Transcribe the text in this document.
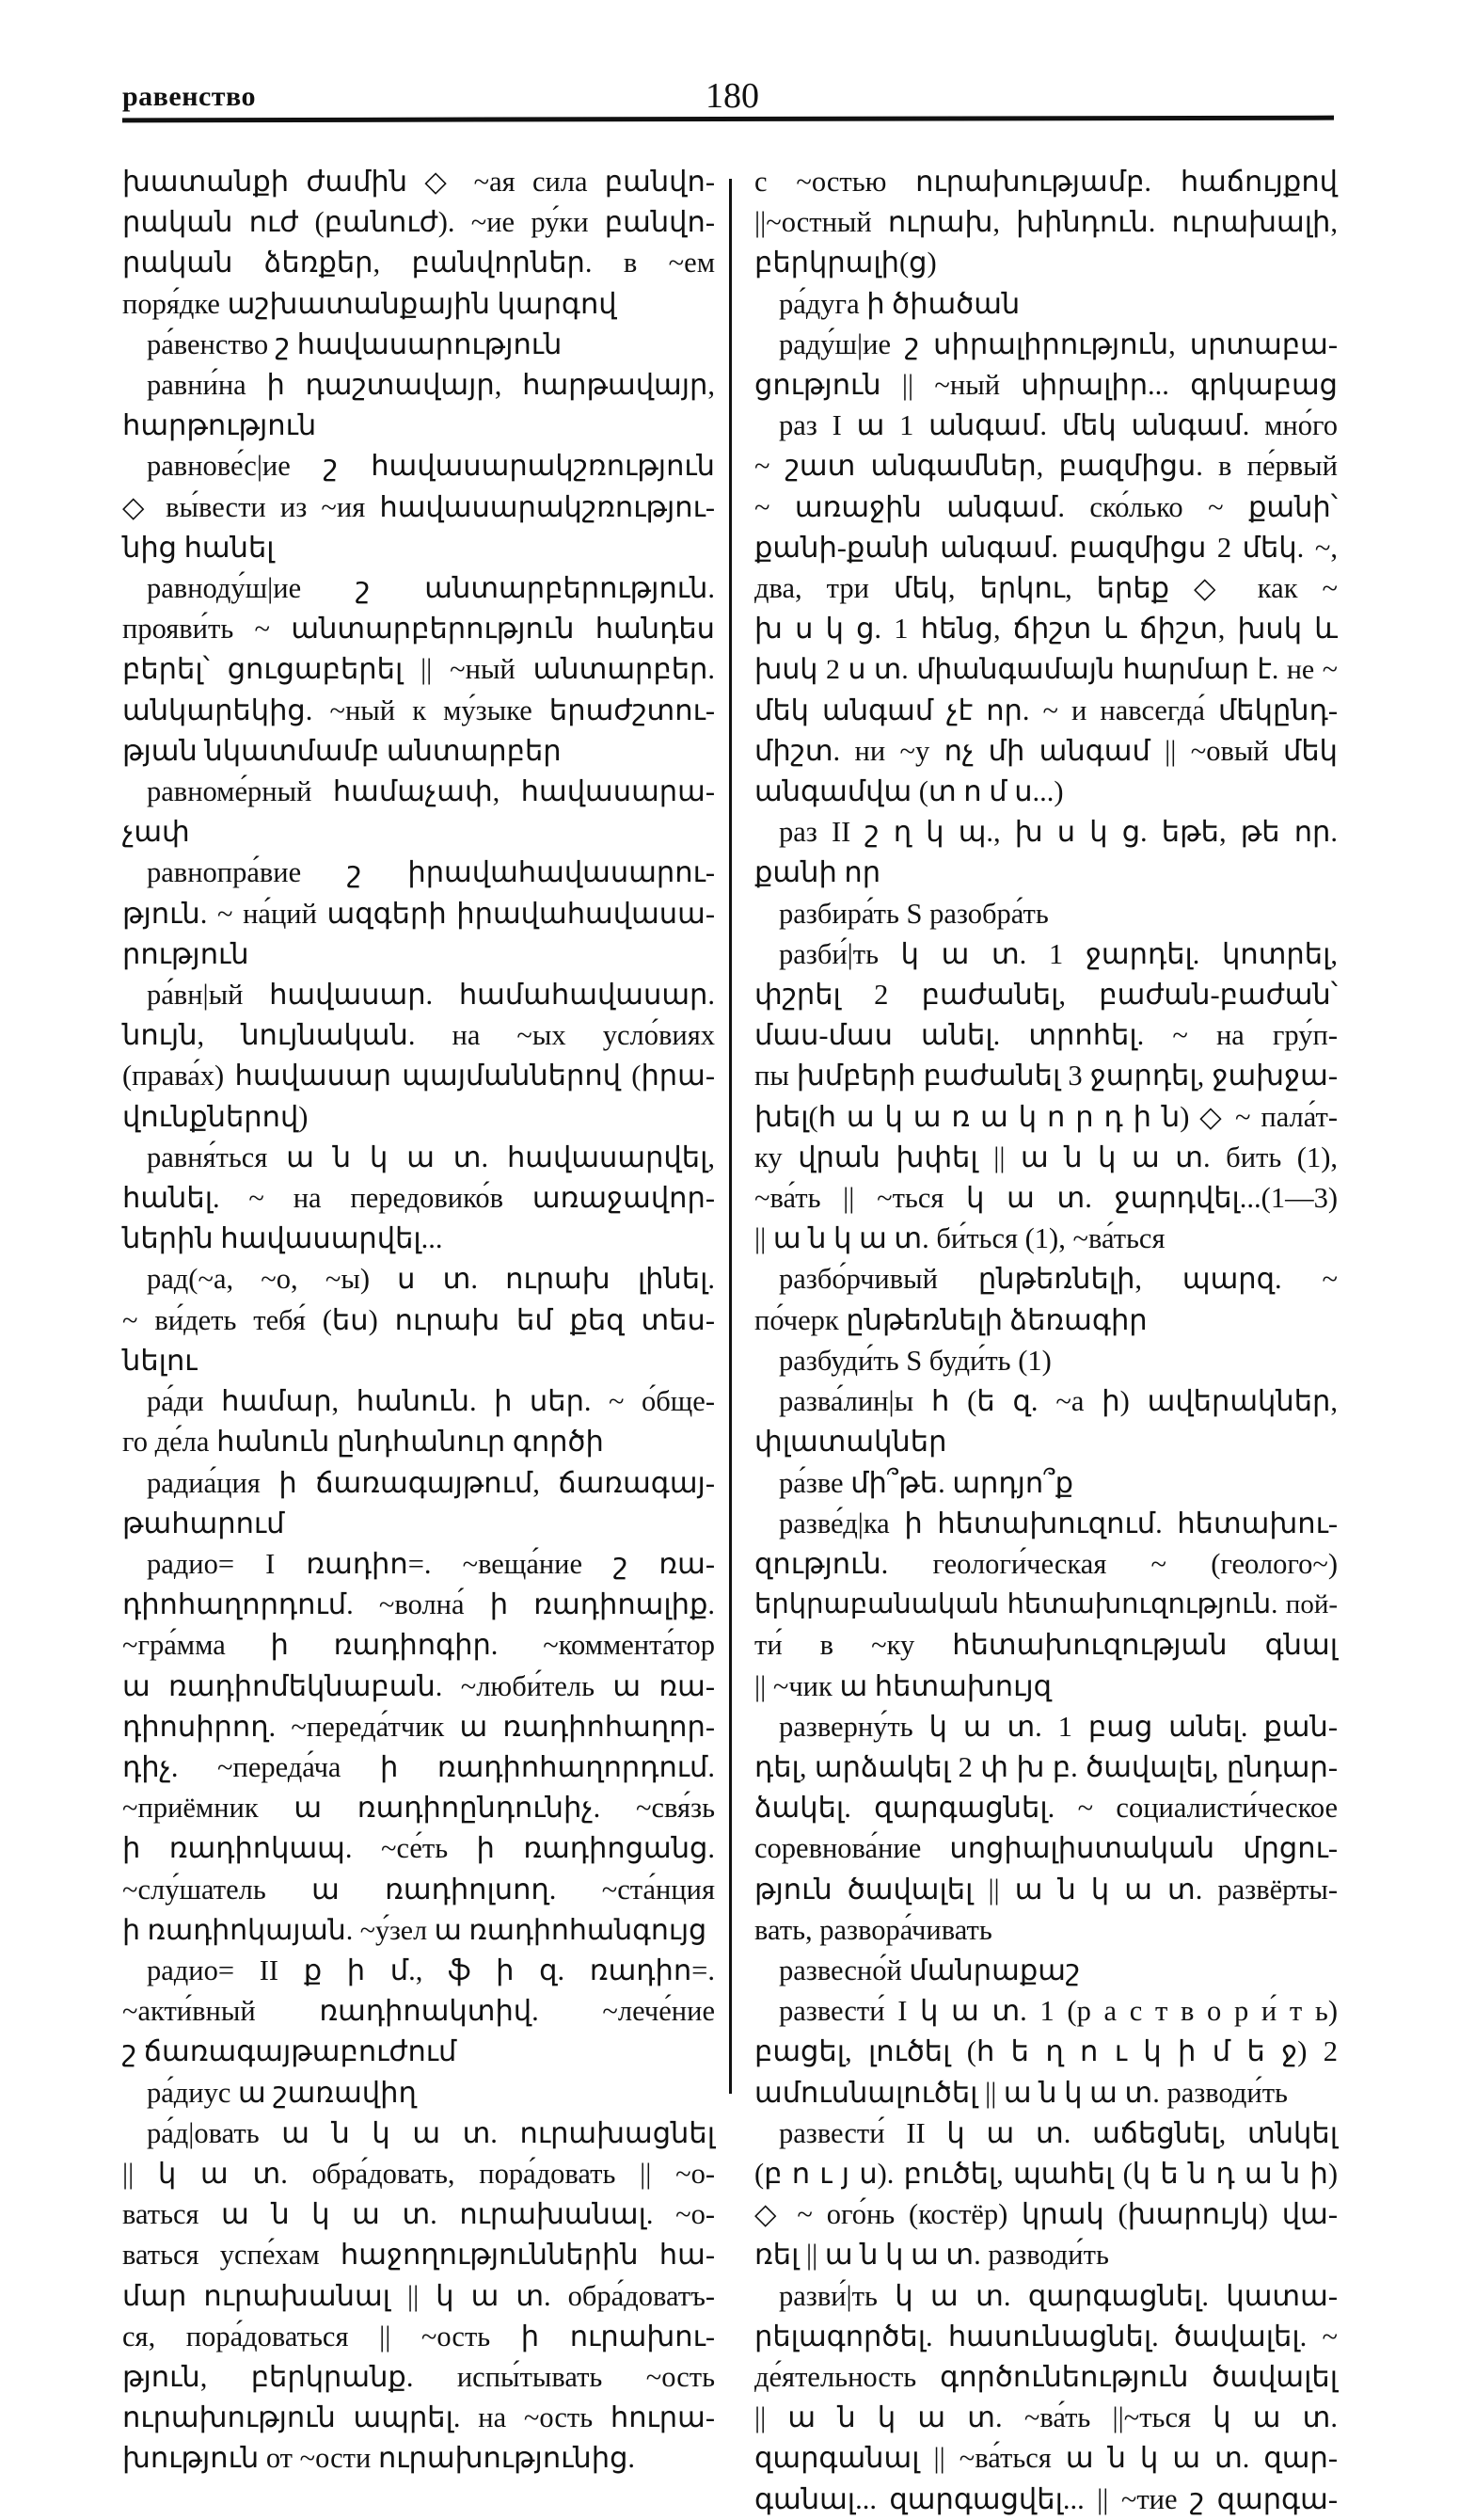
равенство	180
խատանքի ժամին ◇ ~ая сила բանվո-
րական ուժ (բանուժ). ~ие ру́ки բանվո-
րական ձեռքեր, բանվորներ. в ~ем
поря́дке աշխատանքային կարգով
ра́венство շ հավասարություն
равни́на ի դաշտավայր, հարթավայր,
հարթություն
равнове́с|ие շ հավասարակշռություն
◇ вы́вести из ~ия հավասարակշռությու-
նից հանել
равноду́ш|ие շ անտարբերություն.
прояви́ть ~ անտարբերություն հանդես
բերել՝ ցուցաբերել || ~ный անտարբեր.
անկարեկից. ~ный к му́зыке երաժշտու-
թյան նկատմամբ անտարբեր
равноме́рный համաչափ, հավասարա-
չափ
равнопра́вие շ իրավահավասարու-
թյուն. ~ на́ций ազգերի իրավահավասա-
րություն
ра́вн|ый հավասար. համահավասար.
նույն, նույնական. на ~ых усло́виях
(права́х) հավասար պայմաններով (իրա-
վունքներով)
равня́ться ա ն կ ա տ. հավասարվել,
հանել. ~ на передовико́в առաջավոր-
ներին հավասարվել...
рад(~а, ~о, ~ы) ս տ. ուրախ լինել.
~ ви́деть тебя́ (ես) ուրախ եմ քեզ տես-
նելու
ра́ди համար, հանուն. ի սեր. ~ о́бще-
го де́ла հանուն ընդհանուր գործի
радиа́ция ի ճառագայթում, ճառագայ-
թահարում
радио= I ռադիո=. ~веща́ние շ ռա-
դիոհաղորդում. ~волна́ ի ռադիոալիք.
~гра́мма ի ռադիոգիր. ~коммента́тор
ա ռադիոմեկնաբան. ~люби́тель ա ռա-
դիոսիրող. ~переда́тчик ա ռադիոհաղոր-
դիչ. ~переда́ча ի ռադիոհաղորդում.
~приёмник ա ռադիոընդունիչ. ~свя́зь
ի ռադիոկապ. ~се́ть ի ռադիոցանց.
~слу́шатель ա ռադիոլսող. ~ста́нция
ի ռադիոկայան. ~у́зел ա ռադիոհանգույց
радио= II ք ի մ., ֆ ի զ. ռադիո=.
~акти́вный ռադիոակտիվ. ~лече́ние
շ ճառագայթաբուժում
ра́диус ա շառավիղ
ра́д|овать ա ն կ ա տ. ուրախացնել
|| կ ա տ. обра́довать, пора́довать || ~о-
ваться ա ն կ ա տ. ուրախանալ. ~о-
ваться успе́хам հաջողություններին հա-
մար ուրախանալ || կ ա տ. обра́доватъ-
ся, пора́доваться || ~ость ի ուրախու-
թյուն, բերկրանք. испы́тывать ~ость
ուրախություն ապրել. на ~ость հուրա-
խություն от ~ости ուրախությունից.
с ~остью ուրախությամբ. հաճույքով
||~остный ուրախ, խինդուն. ուրախալի,
բերկրալի(ց)
ра́дуга ի ծիածան
раду́ш|ие շ սիրալիրություն, սրտաբա-
ցություն || ~ный սիրալիր... գրկաբաց
раз I ա 1 անգամ. մեկ անգամ. мно́го
~ շատ անգամներ, բազմիցս. в пе́рвый
~ առաջին անգամ. ско́лько ~ քանի՝
քանի-քանի անգամ. բազմիցս 2 մեկ. ~,
два, три մեկ, երկու, երեք ◇ как ~
խ ս կ ց. 1 հենց, ճիշտ և ճիշտ, խսկ և
խսկ 2 ս տ. միանգամայն հարմար է. не ~
մեկ անգամ չէ որ. ~ и навсегда́ մեկընդ-
միշտ. ни ~у ոչ մի անգամ || ~овый մեկ
անգամվա (տ ո մ ս...)
раз II շ ղ կ պ., խ ս կ ց. եթե, թե որ.
քանի որ
разбира́ть S разобра́ть
разби́|ть կ ա տ. 1 ջարդել. կոտրել,
փշրել 2 բաժանել, բաժան-բաժան՝
մաս-մաս անել. տրոհել. ~ на гру́п-
пы խմբերի բաժանել 3 ջարդել, ջախջա-
խել(հ ա կ ա ռ ա կ ո ր դ ի ն) ◇ ~ пала́т-
ку վրան խփել || ա ն կ ա տ. бить (1),
~ва́ть || ~ться կ ա տ. ջարդվել...(1—3)
|| ա ն կ ա տ. би́ться (1), ~ва́ться
разбо́рчивый ընթեռնելի, պարզ. ~
по́черк ընթեռնելի ձեռագիր
разбуди́ть S буди́ть (1)
разва́лин|ы հ (ե զ. ~а ի) ավերակներ,
փլատակներ
ра́зве մի՞թե. արդյո՞ք
разве́д|ка ի հետախուզում. հետախու-
զություն. геологи́ческая ~ (геолого~)
երկրաբանական հետախուզություն. пой-
ти́ в ~ку հետախուզության գնալ
|| ~чик ա հետախույզ
разверну́ть կ ա տ. 1 բաց անել. քան-
դել, արձակել 2 փ խ բ. ծավալել, ընդար-
ձակել. զարգացնել. ~ социалисти́ческое
соревнова́ние սոցիալիստական մրցու-
թյուն ծավալել || ա ն կ ա տ. развёрты-
вать, развора́чивать
развесно́й մանրաքաշ
развести́ I կ ա տ. 1 (р а с т в о р и́ т ь)
բացել, լուծել (հ ե ղ ո ւ կ ի մ ե ջ) 2
ամուսնալուծել || ա ն կ ա տ. разводи́ть
развести́ II կ ա տ. աճեցնել, տնկել
(բ ո ւ յ ս). բուծել, պահել (կ ե ն դ ա ն ի)
◇ ~ ого́нь (костёр) կրակ (խարույկ) վա-
ռել || ա ն կ ա տ. разводи́ть
разви́|ть կ ա տ. զարգացնել. կատա-
րելագործել. հասունացնել. ծավալել. ~
де́ятельность գործունեություն ծավալել
|| ա ն կ ա տ. ~ва́ть ||~ться կ ա տ.
զարգանալ || ~ва́ться ա ն կ ա տ. զար-
գանալ... զարգացվել... || ~тие շ զարգա-
